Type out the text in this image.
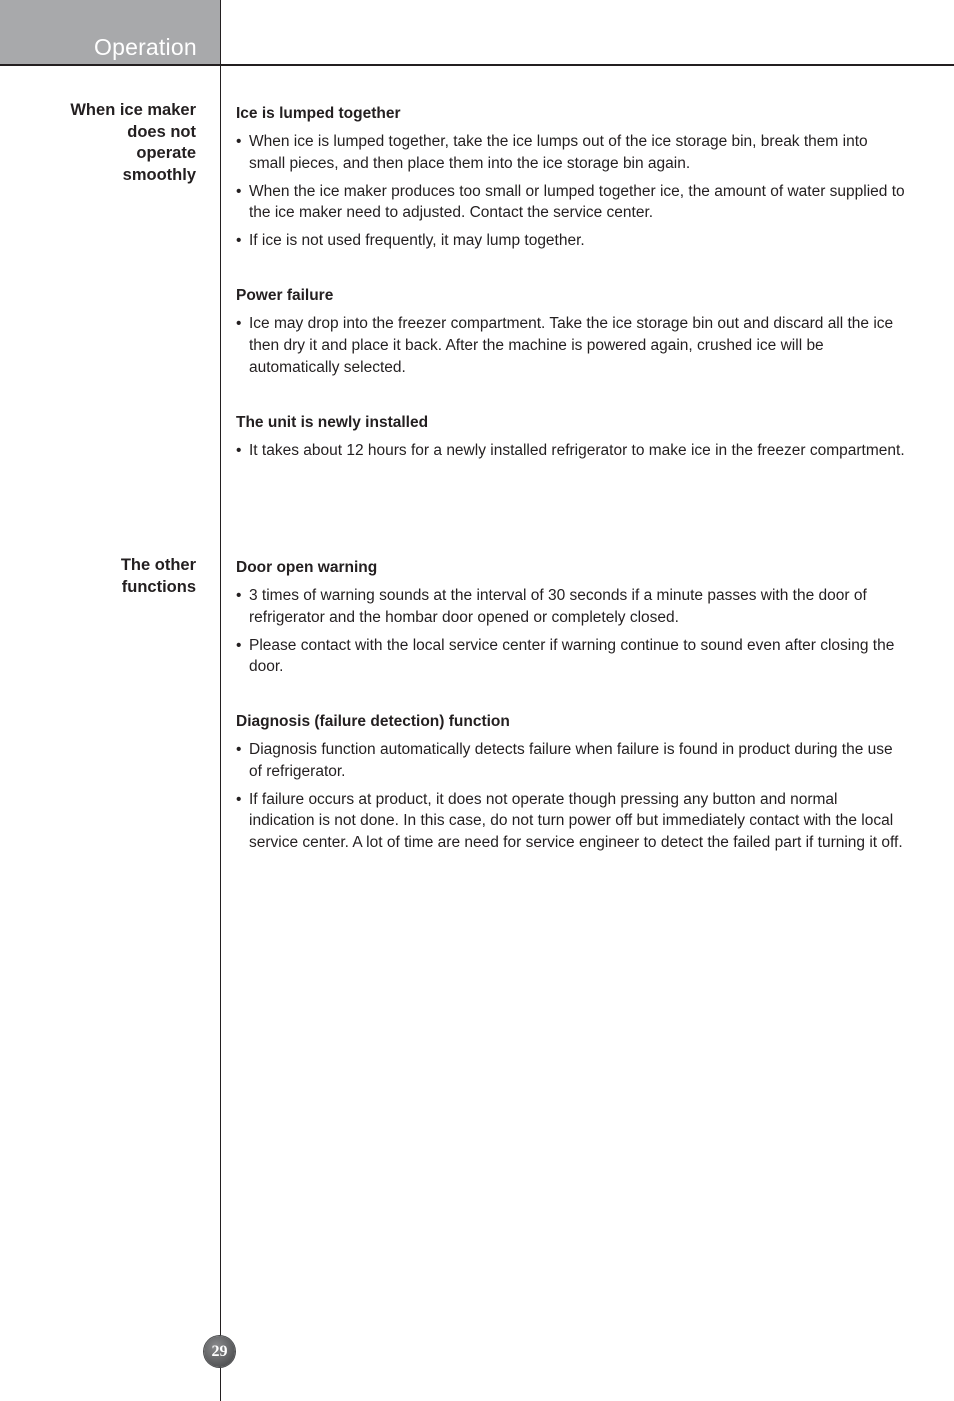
Operation
When ice maker
does not
operate
smoothly
Ice is lumped together
• When ice is lumped together, take the ice lumps out of the ice storage bin, break them into small pieces, and then place them into the ice storage bin again.
• When the ice maker produces too small or lumped together ice, the amount of water supplied to the ice maker need to adjusted. Contact the service center.
• If ice is not used frequently, it may lump together.
Power failure
• Ice may drop into the freezer compartment. Take the ice storage bin out and discard all the ice then dry it and place it back. After the machine is powered again, crushed ice will be automatically selected.
The unit is newly installed
• It takes about 12 hours for a newly installed refrigerator to make ice in the freezer compartment.
The other
functions
Door open warning
• 3 times of warning sounds at the interval of 30 seconds if a minute passes with the door of refrigerator and the hombar door opened or completely closed.
• Please contact with the local service center if warning continue to sound even after closing the door.
Diagnosis (failure detection) function
• Diagnosis function automatically detects failure when failure is found in product during the use of refrigerator.
• If failure occurs at product, it does not operate though pressing any button and normal indication is not done. In this case, do not turn power off but immediately contact with the local service center. A lot of time are need for service engineer to detect the failed part if turning it off.
29
